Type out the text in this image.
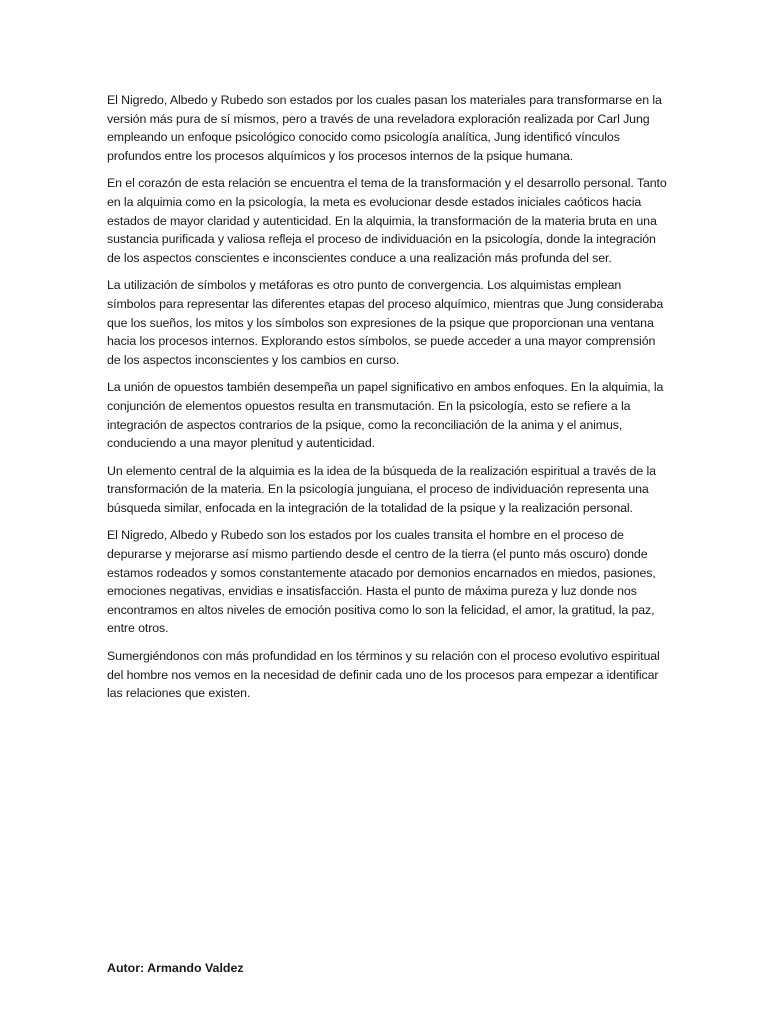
El Nigredo, Albedo y Rubedo son estados por los cuales pasan los materiales para transformarse en la versión más pura de sí mismos, pero a través de una reveladora exploración realizada por Carl Jung empleando un enfoque psicológico conocido como psicología analítica, Jung identificó vínculos profundos entre los procesos alquímicos y los procesos internos de la psique humana.

En el corazón de esta relación se encuentra el tema de la transformación y el desarrollo personal. Tanto en la alquimia como en la psicología, la meta es evolucionar desde estados iniciales caóticos hacia estados de mayor claridad y autenticidad. En la alquimia, la transformación de la materia bruta en una sustancia purificada y valiosa refleja el proceso de individuación en la psicología, donde la integración de los aspectos conscientes e inconscientes conduce a una realización más profunda del ser.

La utilización de símbolos y metáforas es otro punto de convergencia. Los alquimistas emplean símbolos para representar las diferentes etapas del proceso alquímico, mientras que Jung consideraba que los sueños, los mitos y los símbolos son expresiones de la psique que proporcionan una ventana hacia los procesos internos. Explorando estos símbolos, se puede acceder a una mayor comprensión de los aspectos inconscientes y los cambios en curso.

La unión de opuestos también desempeña un papel significativo en ambos enfoques. En la alquimia, la conjunción de elementos opuestos resulta en transmutación. En la psicología, esto se refiere a la integración de aspectos contrarios de la psique, como la reconciliación de la anima y el animus, conduciendo a una mayor plenitud y autenticidad.

Un elemento central de la alquimia es la idea de la búsqueda de la realización espiritual a través de la transformación de la materia. En la psicología junguiana, el proceso de individuación representa una búsqueda similar, enfocada en la integración de la totalidad de la psique y la realización personal.

El Nigredo, Albedo y Rubedo son los estados por los cuales transita el hombre en el proceso de depurarse y mejorarse así mismo partiendo desde el centro de la tierra (el punto más oscuro) donde estamos rodeados y somos constantemente atacado por demonios encarnados en miedos, pasiones, emociones negativas, envidias e insatisfacción. Hasta el punto de máxima pureza y luz donde nos encontramos en altos niveles de emoción positiva como lo son la felicidad, el amor, la gratitud, la paz, entre otros.

Sumergiéndonos con más profundidad en los términos y su relación con el proceso evolutivo espiritual del hombre nos vemos en la necesidad de definir cada uno de los procesos para empezar a identificar las relaciones que existen.

Autor: Armando Valdez
